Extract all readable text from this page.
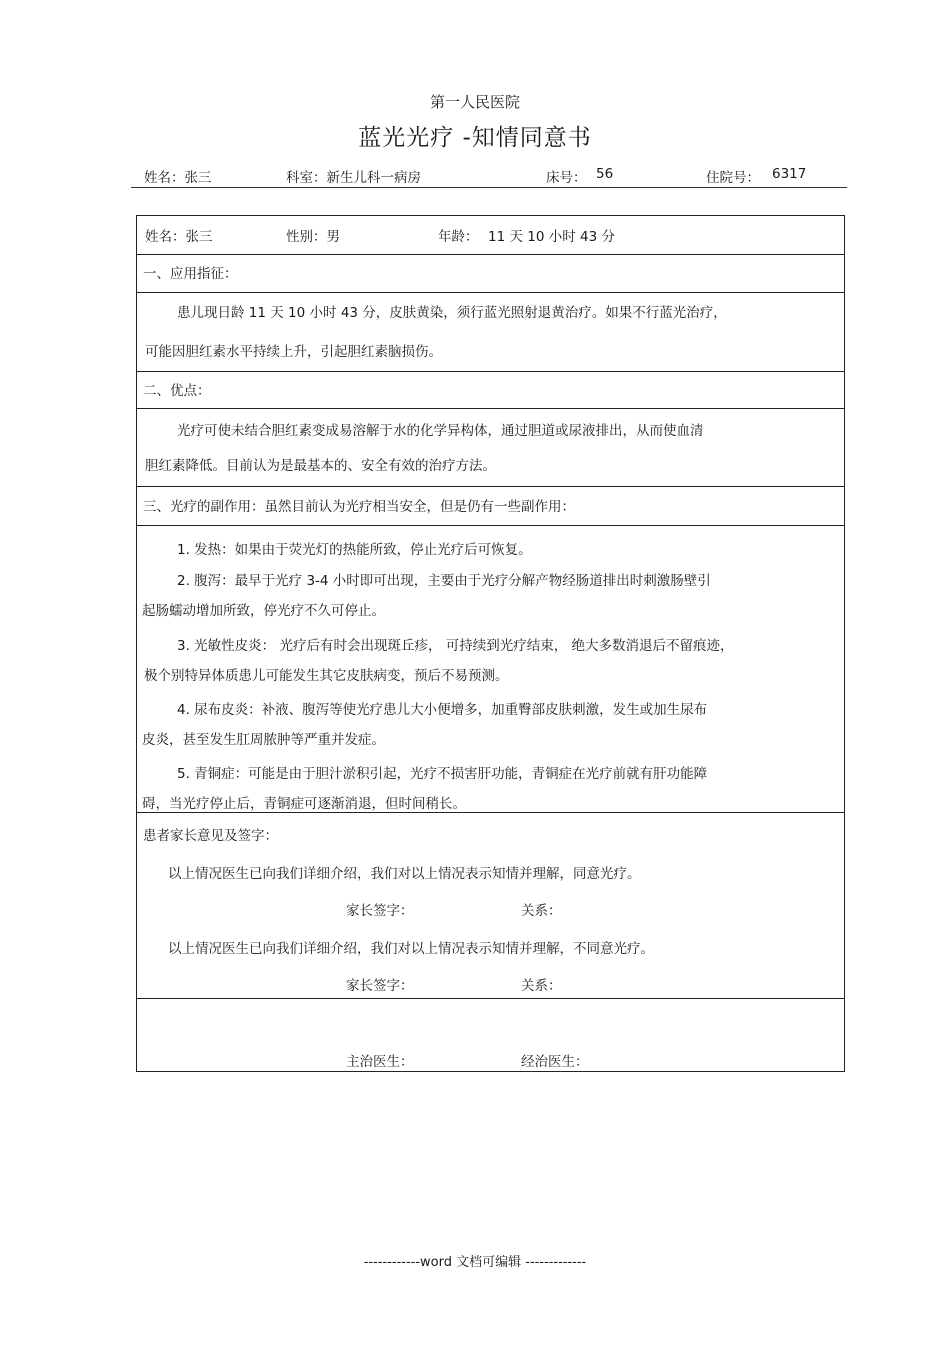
第一人民医院
蓝光光疗 -知情同意书
姓名：张三	科室：新生儿科一病房	床号： 56	住院号： 6317
姓名：张三	性别：男	年龄： 11 天 10 小时 43 分
一、应用指征：
患儿现日龄 11 天 10 小时 43 分，皮肤黄染，须行蓝光照射退黄治疗。如果不行蓝光治疗，
可能因胆红素水平持续上升，引起胆红素脑损伤。
二、优点：
光疗可使未结合胆红素变成易溶解于水的化学异构体，通过胆道或尿液排出，从而使血清
胆红素降低。目前认为是最基本的、安全有效的治疗方法。
三、光疗的副作用：虽然目前认为光疗相当安全，但是仍有一些副作用：
1. 发热：如果由于荧光灯的热能所致，停止光疗后可恢复。
2. 腹泻：最早于光疗 3-4 小时即可出现，主要由于光疗分解产物经肠道排出时刺激肠壁引
起肠蠕动增加所致，停光疗不久可停止。
3. 光敏性皮炎： 光疗后有时会出现斑丘疹， 可持续到光疗结束， 绝大多数消退后不留痕迹，
极个别特异体质患儿可能发生其它皮肤病变，预后不易预测。
4. 尿布皮炎：补液、腹泻等使光疗患儿大小便增多，加重臀部皮肤刺激，发生或加生尿布
皮炎，甚至发生肛周脓肿等严重并发症。
5. 青铜症：可能是由于胆汁淤积引起，光疗不损害肝功能，青铜症在光疗前就有肝功能障
碍，当光疗停止后，青铜症可逐渐消退，但时间稍长。
患者家长意见及签字：
以上情况医生已向我们详细介绍，我们对以上情况表示知情并理解，同意光疗。
家长签字：	关系：
以上情况医生已向我们详细介绍，我们对以上情况表示知情并理解，不同意光疗。
家长签字：	关系：
主治医生：	经治医生：
------------word 文档可编辑 -------------
